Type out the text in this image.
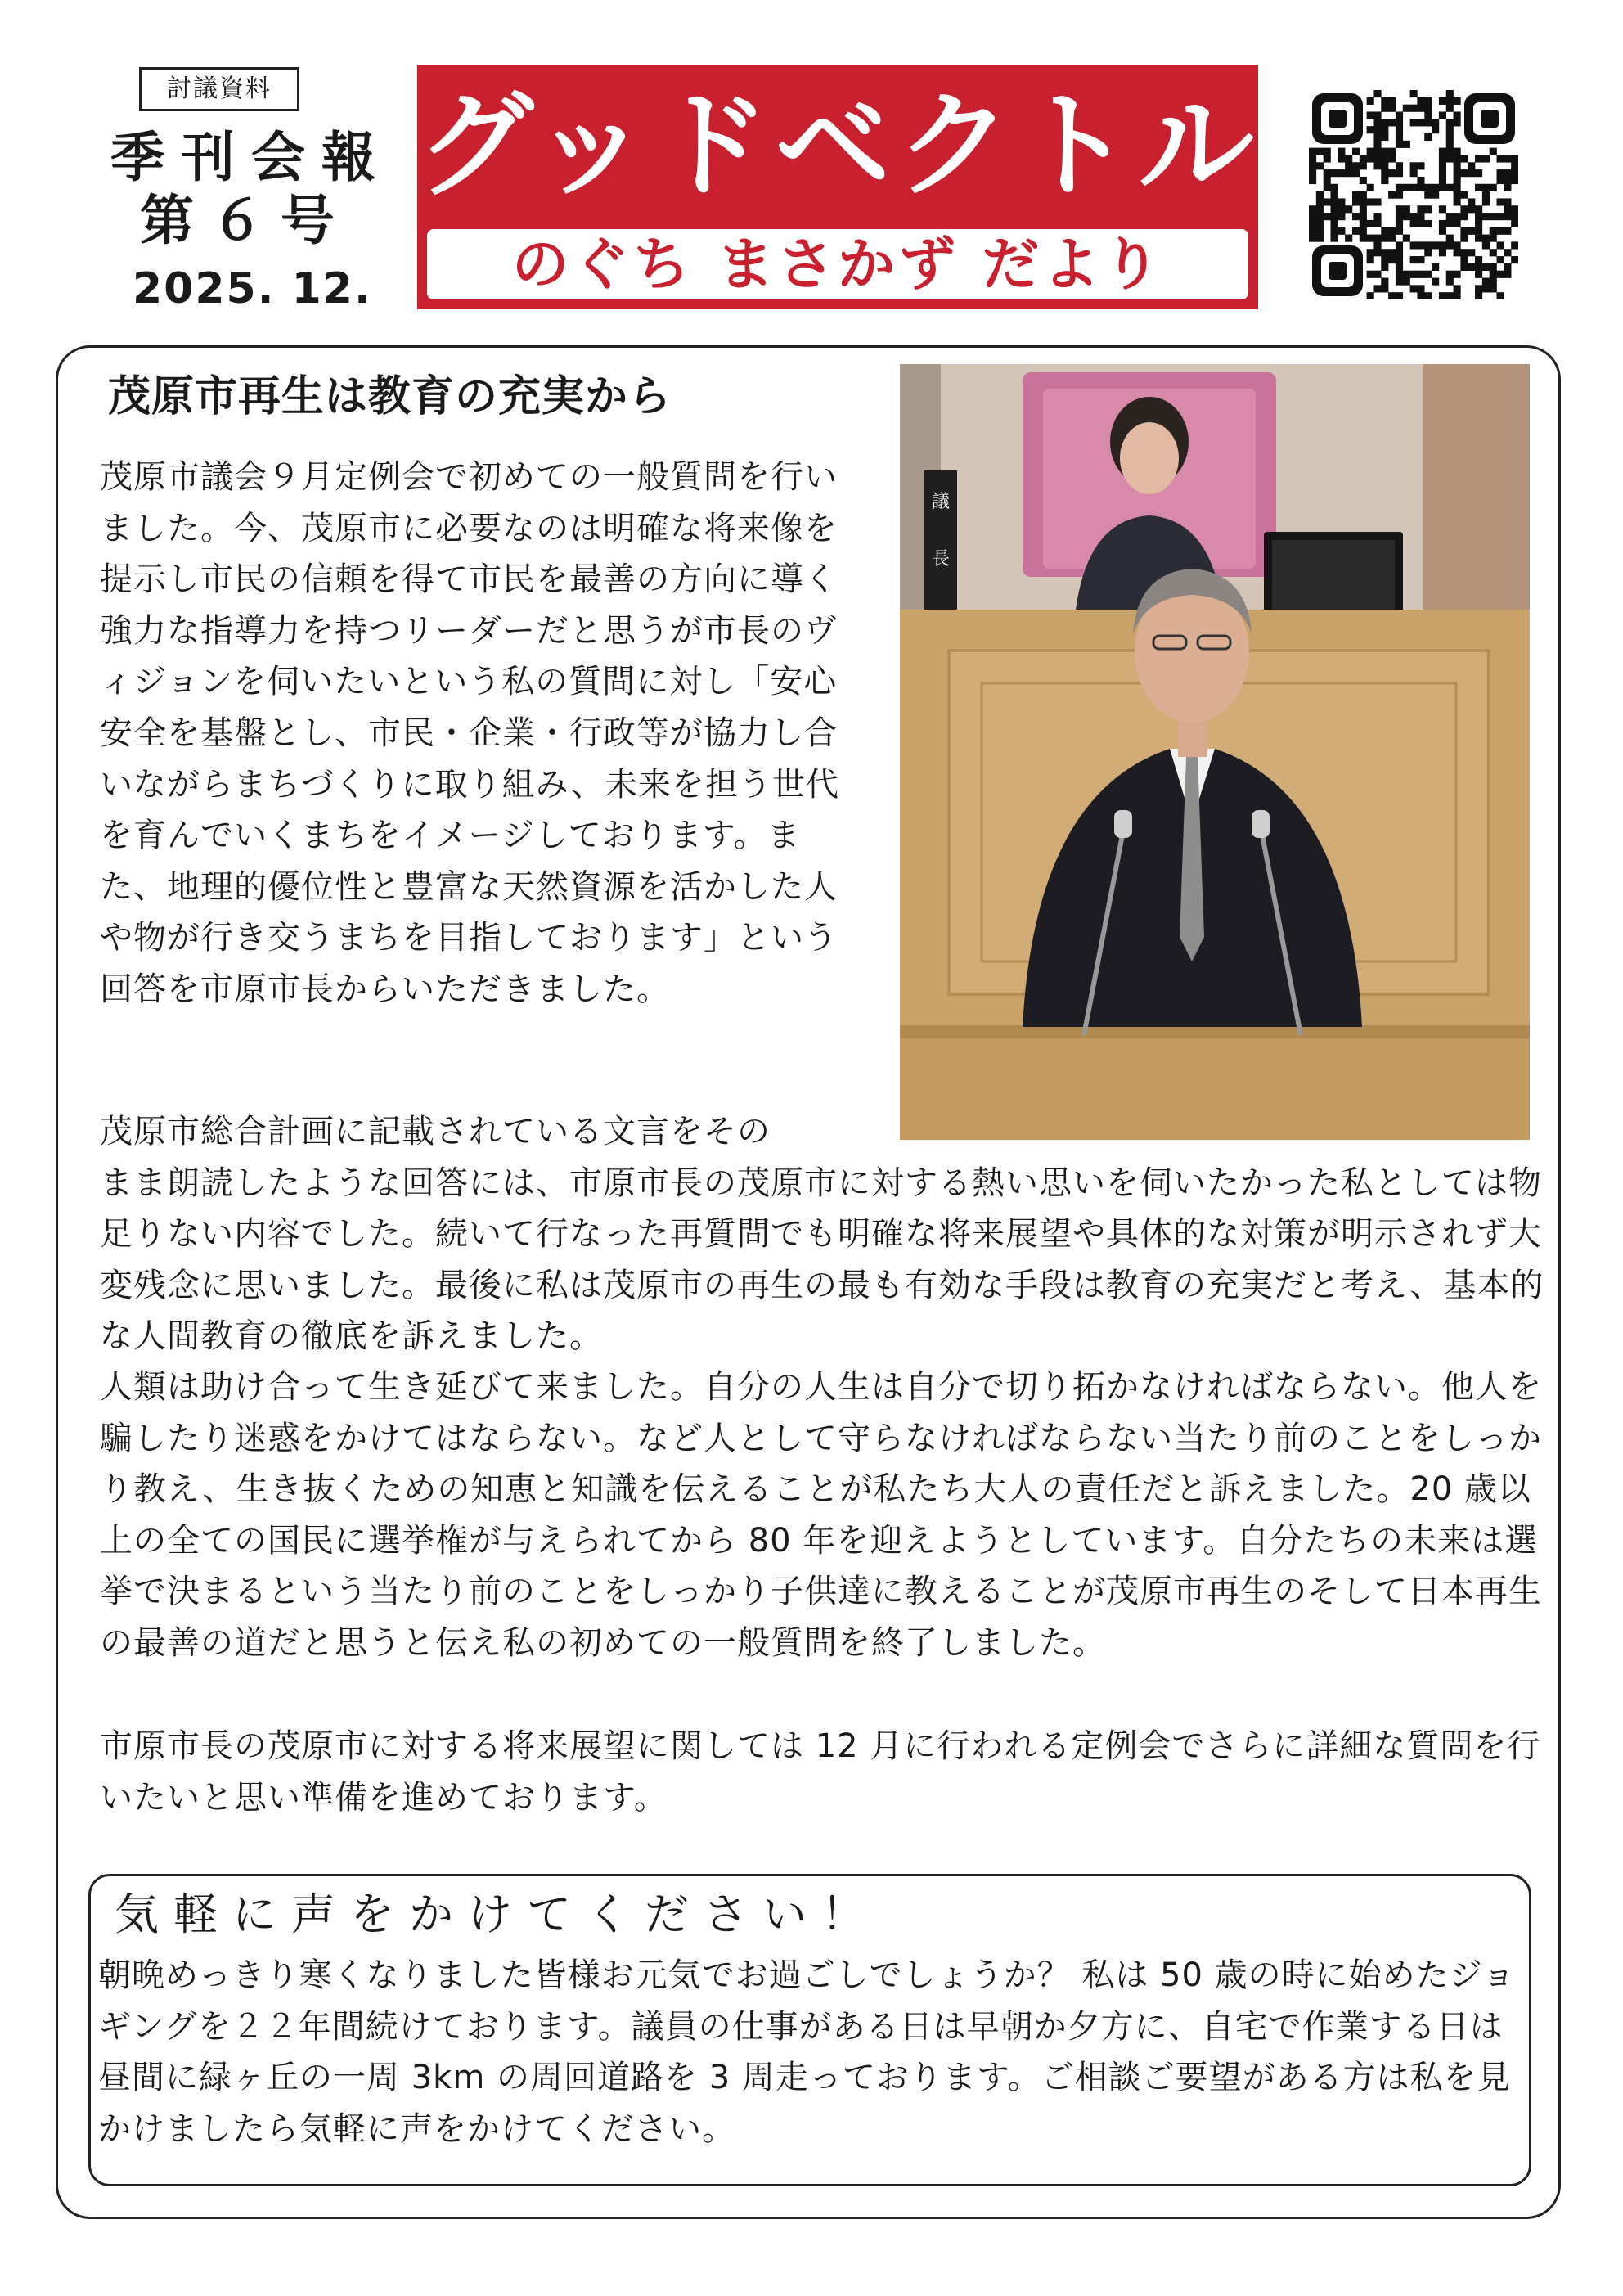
討議資料
季刊会報
第６号
2025. 12.
グッドベクトル
のぐち まさかず だより
茂原市再生は教育の充実から
議
長

茂原市議会９月定例会で初めての一般質問を行いました。今、茂原市に必要なのは明確な将来像を提示し市民の信頼を得て市民を最善の方向に導く強力な指導力を持つリーダーだと思うが市長のヴィジョンを伺いたいという私の質問に対し「安心安全を基盤とし、市民・企業・行政等が協力し合いながらまちづくりに取り組み、未来を担う世代を育んでいくまちをイメージしております。また、地理的優位性と豊富な天然資源を活かした人や物が行き交うまちを目指しております」という回答を市原市長からいただきました。

茂原市総合計画に記載されている文言をその
まま朗読したような回答には、市原市長の茂原市に対する熱い思いを伺いたかった私としては物足りない内容でした。続いて行なった再質問でも明確な将来展望や具体的な対策が明示されず大変残念に思いました。最後に私は茂原市の再生の最も有効な手段は教育の充実だと考え、基本的な人間教育の徹底を訴えました。

人類は助け合って生き延びて来ました。自分の人生は自分で切り拓かなければならない。他人を騙したり迷惑をかけてはならない。など人として守らなければならない当たり前のことをしっかり教え、生き抜くための知恵と知識を伝えることが私たち大人の責任だと訴えました。20 歳以上の全ての国民に選挙権が与えられてから 80 年を迎えようとしています。自分たちの未来は選挙で決まるという当たり前のことをしっかり子供達に教えることが茂原市再生のそして日本再生の最善の道だと思うと伝え私の初めての一般質問を終了しました。

市原市長の茂原市に対する将来展望に関しては 12 月に行われる定例会でさらに詳細な質問を行いたいと思い準備を進めております。

気軽に声をかけてください！

朝晩めっきり寒くなりました皆様お元気でお過ごしでしょうか？ 私は 50 歳の時に始めたジョギングを２２年間続けております。議員の仕事がある日は早朝か夕方に、自宅で作業する日は昼間に緑ヶ丘の一周 3km の周回道路を 3 周走っております。ご相談ご要望がある方は私を見かけましたら気軽に声をかけてください。
